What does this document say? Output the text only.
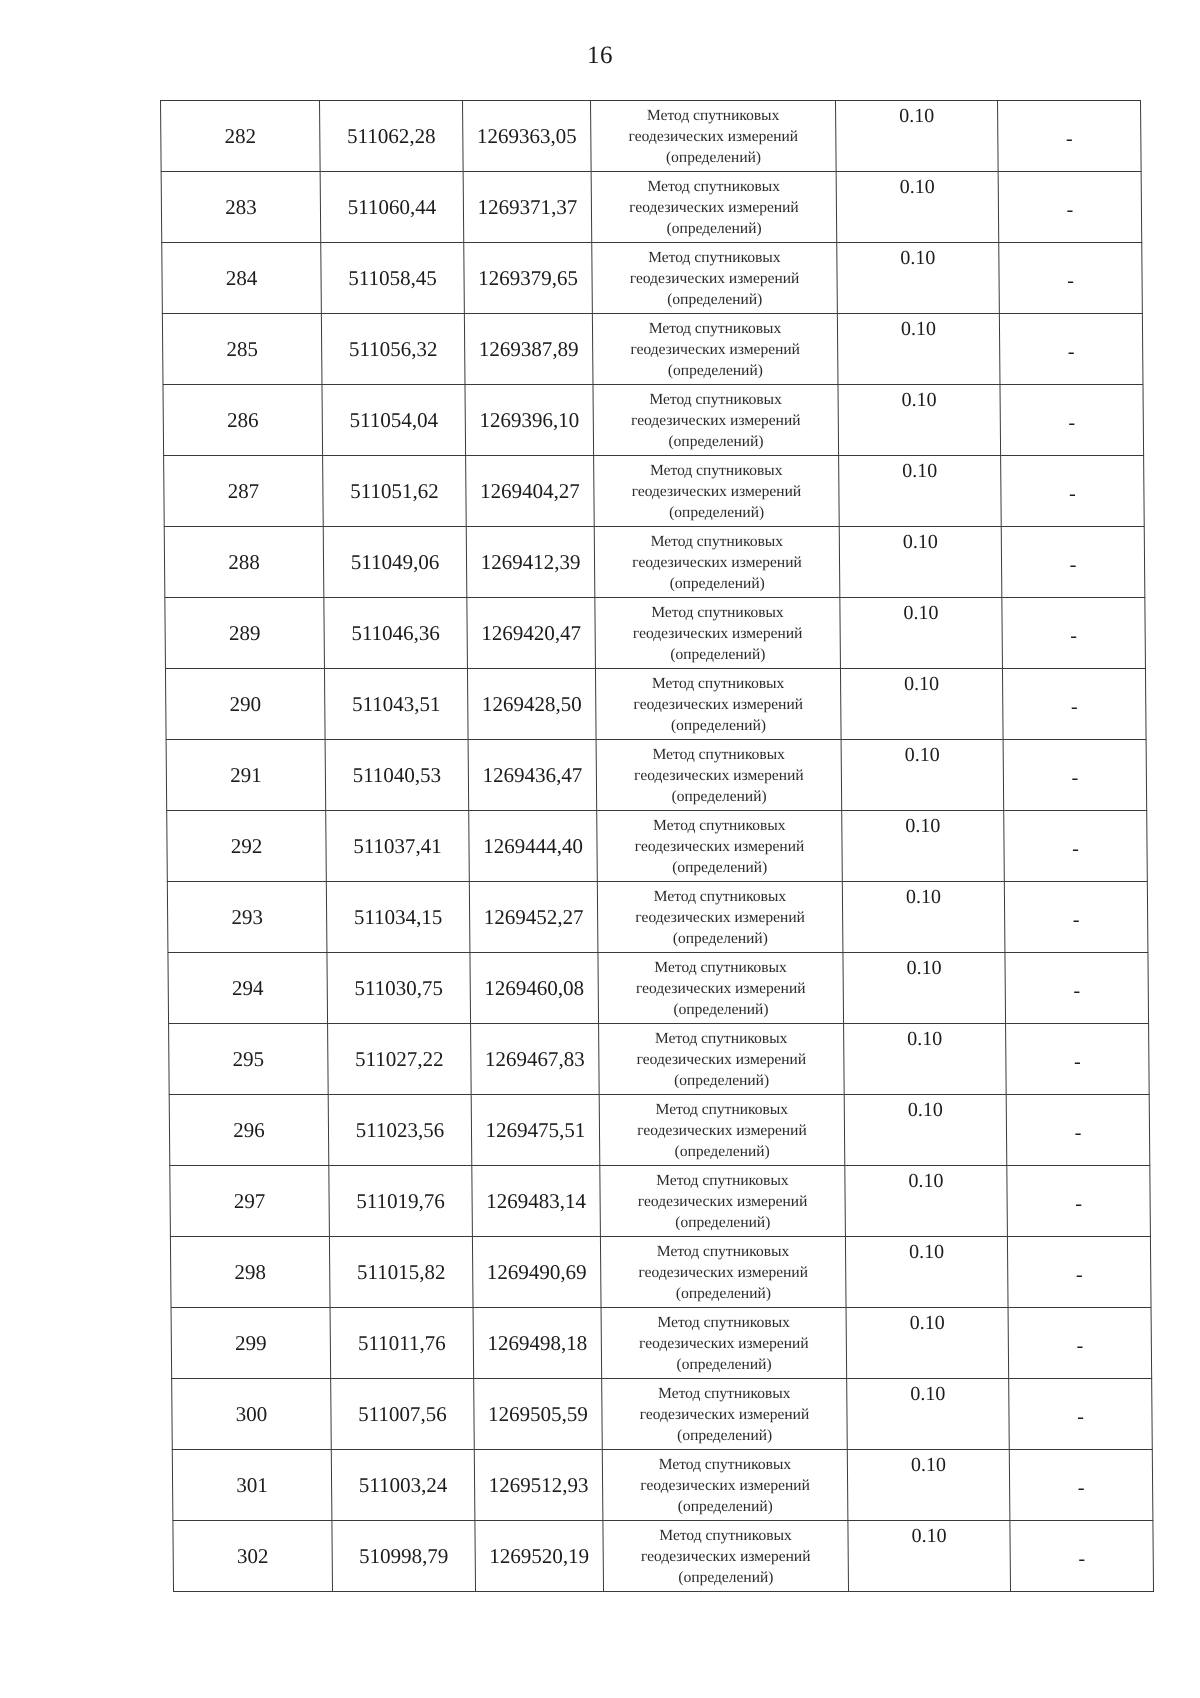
16
282	511062,28	1269363,05	Метод спутниковых
геодезических измерений
(определений)	0.10	-
283	511060,44	1269371,37	Метод спутниковых
геодезических измерений
(определений)	0.10	-
284	511058,45	1269379,65	Метод спутниковых
геодезических измерений
(определений)	0.10	-
285	511056,32	1269387,89	Метод спутниковых
геодезических измерений
(определений)	0.10	-
286	511054,04	1269396,10	Метод спутниковых
геодезических измерений
(определений)	0.10	-
287	511051,62	1269404,27	Метод спутниковых
геодезических измерений
(определений)	0.10	-
288	511049,06	1269412,39	Метод спутниковых
геодезических измерений
(определений)	0.10	-
289	511046,36	1269420,47	Метод спутниковых
геодезических измерений
(определений)	0.10	-
290	511043,51	1269428,50	Метод спутниковых
геодезических измерений
(определений)	0.10	-
291	511040,53	1269436,47	Метод спутниковых
геодезических измерений
(определений)	0.10	-
292	511037,41	1269444,40	Метод спутниковых
геодезических измерений
(определений)	0.10	-
293	511034,15	1269452,27	Метод спутниковых
геодезических измерений
(определений)	0.10	-
294	511030,75	1269460,08	Метод спутниковых
геодезических измерений
(определений)	0.10	-
295	511027,22	1269467,83	Метод спутниковых
геодезических измерений
(определений)	0.10	-
296	511023,56	1269475,51	Метод спутниковых
геодезических измерений
(определений)	0.10	-
297	511019,76	1269483,14	Метод спутниковых
геодезических измерений
(определений)	0.10	-
298	511015,82	1269490,69	Метод спутниковых
геодезических измерений
(определений)	0.10	-
299	511011,76	1269498,18	Метод спутниковых
геодезических измерений
(определений)	0.10	-
300	511007,56	1269505,59	Метод спутниковых
геодезических измерений
(определений)	0.10	-
301	511003,24	1269512,93	Метод спутниковых
геодезических измерений
(определений)	0.10	-
302	510998,79	1269520,19	Метод спутниковых
геодезических измерений
(определений)	0.10	-
